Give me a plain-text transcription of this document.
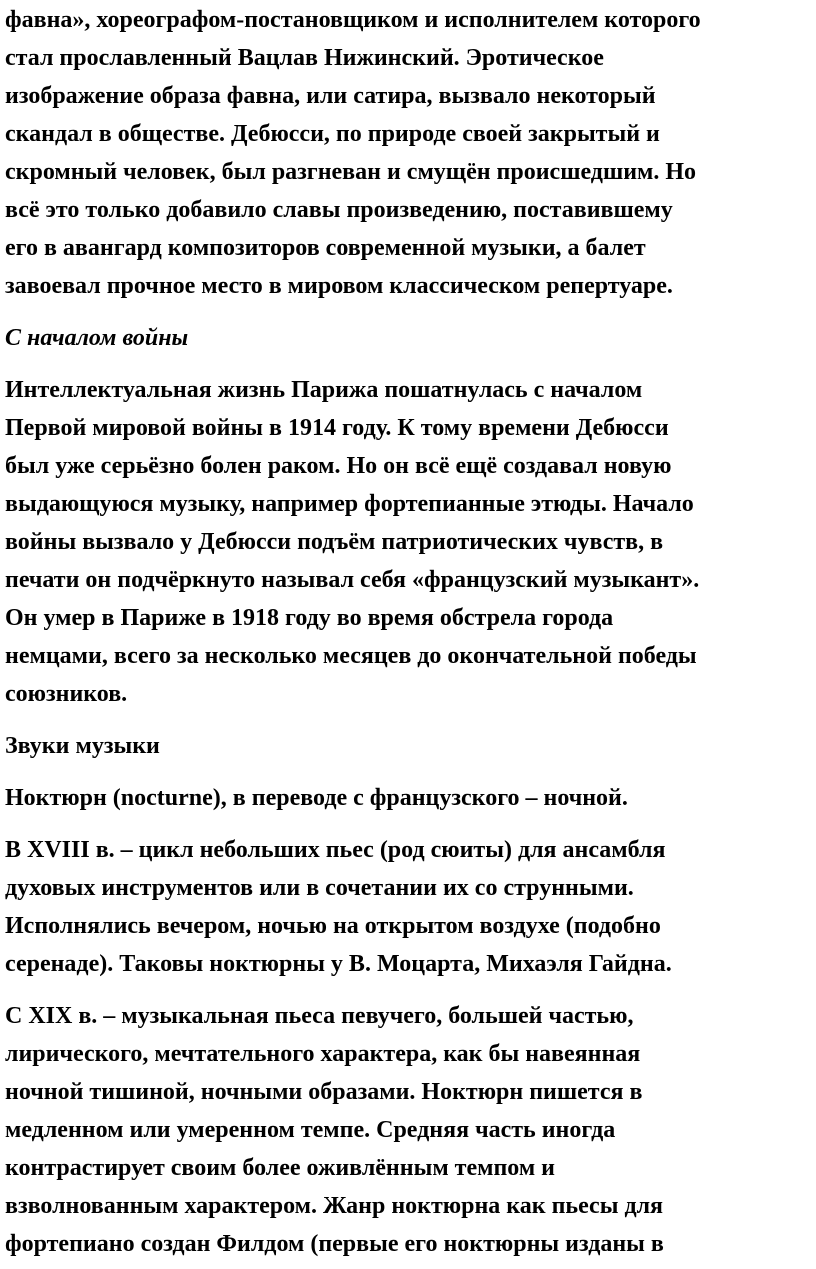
фавна», хореографом-постановщиком и исполнителем которого
стал прославленный Вацлав Нижинский. Эротическое
изображение образа фавна, или сатира, вызвало некоторый
скандал в обществе. Дебюсси, по природе своей закрытый и
скромный человек, был разгневан и смущён происшедшим. Но
всё это только добавило славы произведению, поставившему
его в авангард композиторов современной музыки, а балет
завоевал прочное место в мировом классическом репертуаре.
С началом войны
Интеллектуальная жизнь Парижа пошатнулась с началом
Первой мировой войны в 1914 году. К тому времени Дебюсси
был уже серьёзно болен раком. Но он всё ещё создавал новую
выдающуюся музыку, например фортепианные этюды. Начало
войны вызвало у Дебюсси подъём патриотических чувств, в
печати он подчёркнуто называл себя «французский музыкант».
Он умер в Париже в 1918 году во время обстрела города
немцами, всего за несколько месяцев до окончательной победы
союзников.
Звуки музыки
Ноктюрн (nocturne), в переводе с французского – ночной.
В XVIII в. – цикл небольших пьес (род сюиты) для ансамбля
духовых инструментов или в сочетании их со струнными.
Исполнялись вечером, ночью на открытом воздухе (подобно
серенаде). Таковы ноктюрны у В. Моцарта, Михаэля Гайдна.
С XIX в. – музыкальная пьеса певучего, большей частью,
лирического, мечтательного характера, как бы навеянная
ночной тишиной, ночными образами. Ноктюрн пишется в
медленном или умеренном темпе. Средняя часть иногда
контрастирует своим более оживлённым темпом и
взволнованным характером. Жанр ноктюрна как пьесы для
фортепиано создан Филдом (первые его ноктюрны изданы в
